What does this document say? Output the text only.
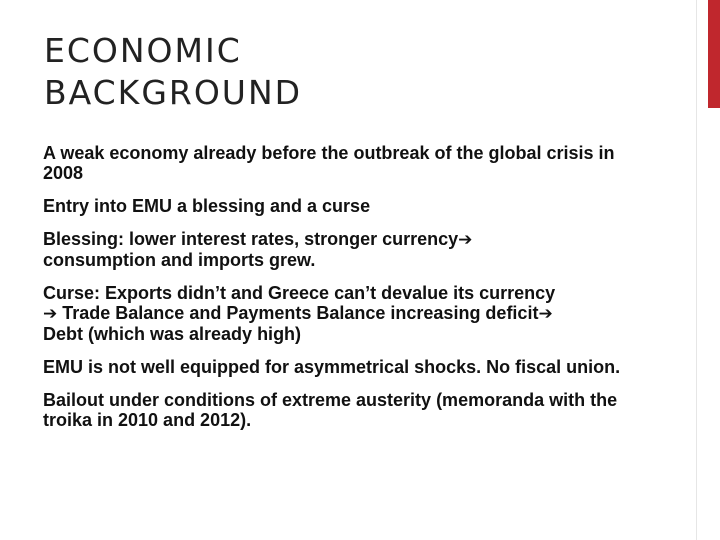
ECONOMIC
BACKGROUND
A weak economy already before the outbreak of the global crisis in 2008
Entry into EMU a blessing and a curse
Blessing: lower interest rates, stronger currency➔
consumption and imports grew.
Curse: Exports didn’t and Greece can’t devalue its currency
➔ Trade Balance and Payments Balance increasing deficit➔
Debt (which was already high)
EMU is not well equipped for asymmetrical shocks. No fiscal union.
Bailout under conditions of extreme austerity (memoranda with the troika in 2010 and 2012).
